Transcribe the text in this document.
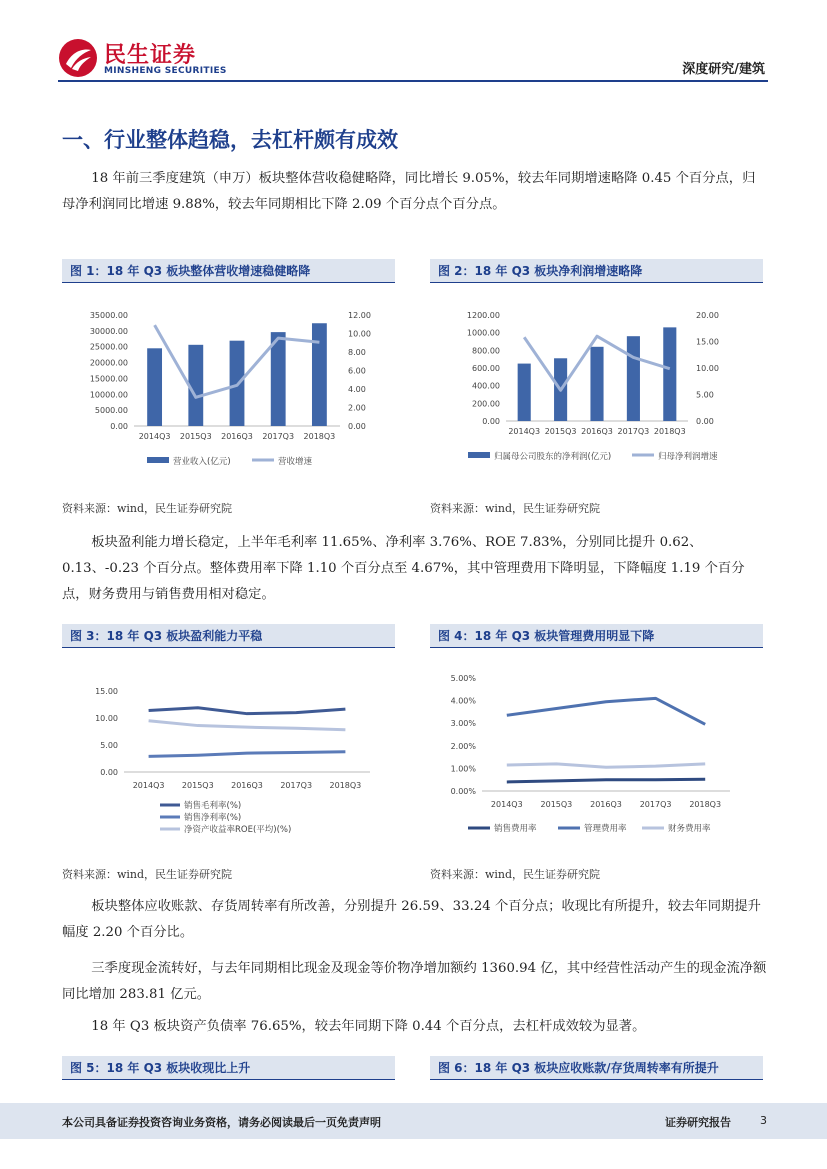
民生证券
MINSHENG SECURITIES	深度研究/建筑
一、行业整体趋稳，去杠杆颇有成效
18 年前三季度建筑（申万）板块整体营收稳健略降，同比增长 9.05%，较去年同期增速略降 0.45 个百分点，归母净利润同比增速 9.88%，较去年同期相比下降 2.09 个百分点个百分点。
图 1：18 年 Q3 板块整体营收增速稳健略降	图 2：18 年 Q3 板块净利润增速略降
0.00
5000.00
10000.00
15000.00
20000.00
25000.00
30000.00
35000.00
0.00
2.00
4.00
6.00
8.00
10.00
12.00
2014Q3 2015Q3 2016Q3 2017Q3 2018Q3
营业收入(亿元)	营收增速
0.00
200.00
400.00
600.00
800.00
1000.00
1200.00
0.00
5.00
10.00
15.00
20.00
2014Q3 2015Q3 2016Q3 2017Q3 2018Q3
归属母公司股东的净利润(亿元)	归母净利润增速
资料来源：wind，民生证券研究院	资料来源：wind，民生证券研究院
板块盈利能力增长稳定，上半年毛利率 11.65%、净利率 3.76%、ROE 7.83%，分别同比提升 0.62、0.13、-0.23 个百分点。整体费用率下降 1.10 个百分点至 4.67%，其中管理费用下降明显，下降幅度 1.19 个百分点，财务费用与销售费用相对稳定。
图 3：18 年 Q3 板块盈利能力平稳	图 4：18 年 Q3 板块管理费用明显下降
0.00
5.00
10.00
15.00
2014Q3 2015Q3 2016Q3 2017Q3 2018Q3
销售毛利率(%)
销售净利率(%)
净资产收益率ROE(平均)(%)
0.00%
1.00%
2.00%
3.00%
4.00%
5.00%
2014Q3 2015Q3 2016Q3 2017Q3 2018Q3
销售费用率	管理费用率	财务费用率
资料来源：wind，民生证券研究院	资料来源：wind，民生证券研究院
板块整体应收账款、存货周转率有所改善，分别提升 26.59、33.24 个百分点；收现比有所提升，较去年同期提升幅度 2.20 个百分比。
三季度现金流转好，与去年同期相比现金及现金等价物净增加额约 1360.94 亿，其中经营性活动产生的现金流净额同比增加 283.81 亿元。
18 年 Q3 板块资产负债率 76.65%，较去年同期下降 0.44 个百分点，去杠杆成效较为显著。
图 5：18 年 Q3 板块收现比上升	图 6：18 年 Q3 板块应收账款/存货周转率有所提升
本公司具备证券投资咨询业务资格，请务必阅读最后一页免责声明	证券研究报告	3
